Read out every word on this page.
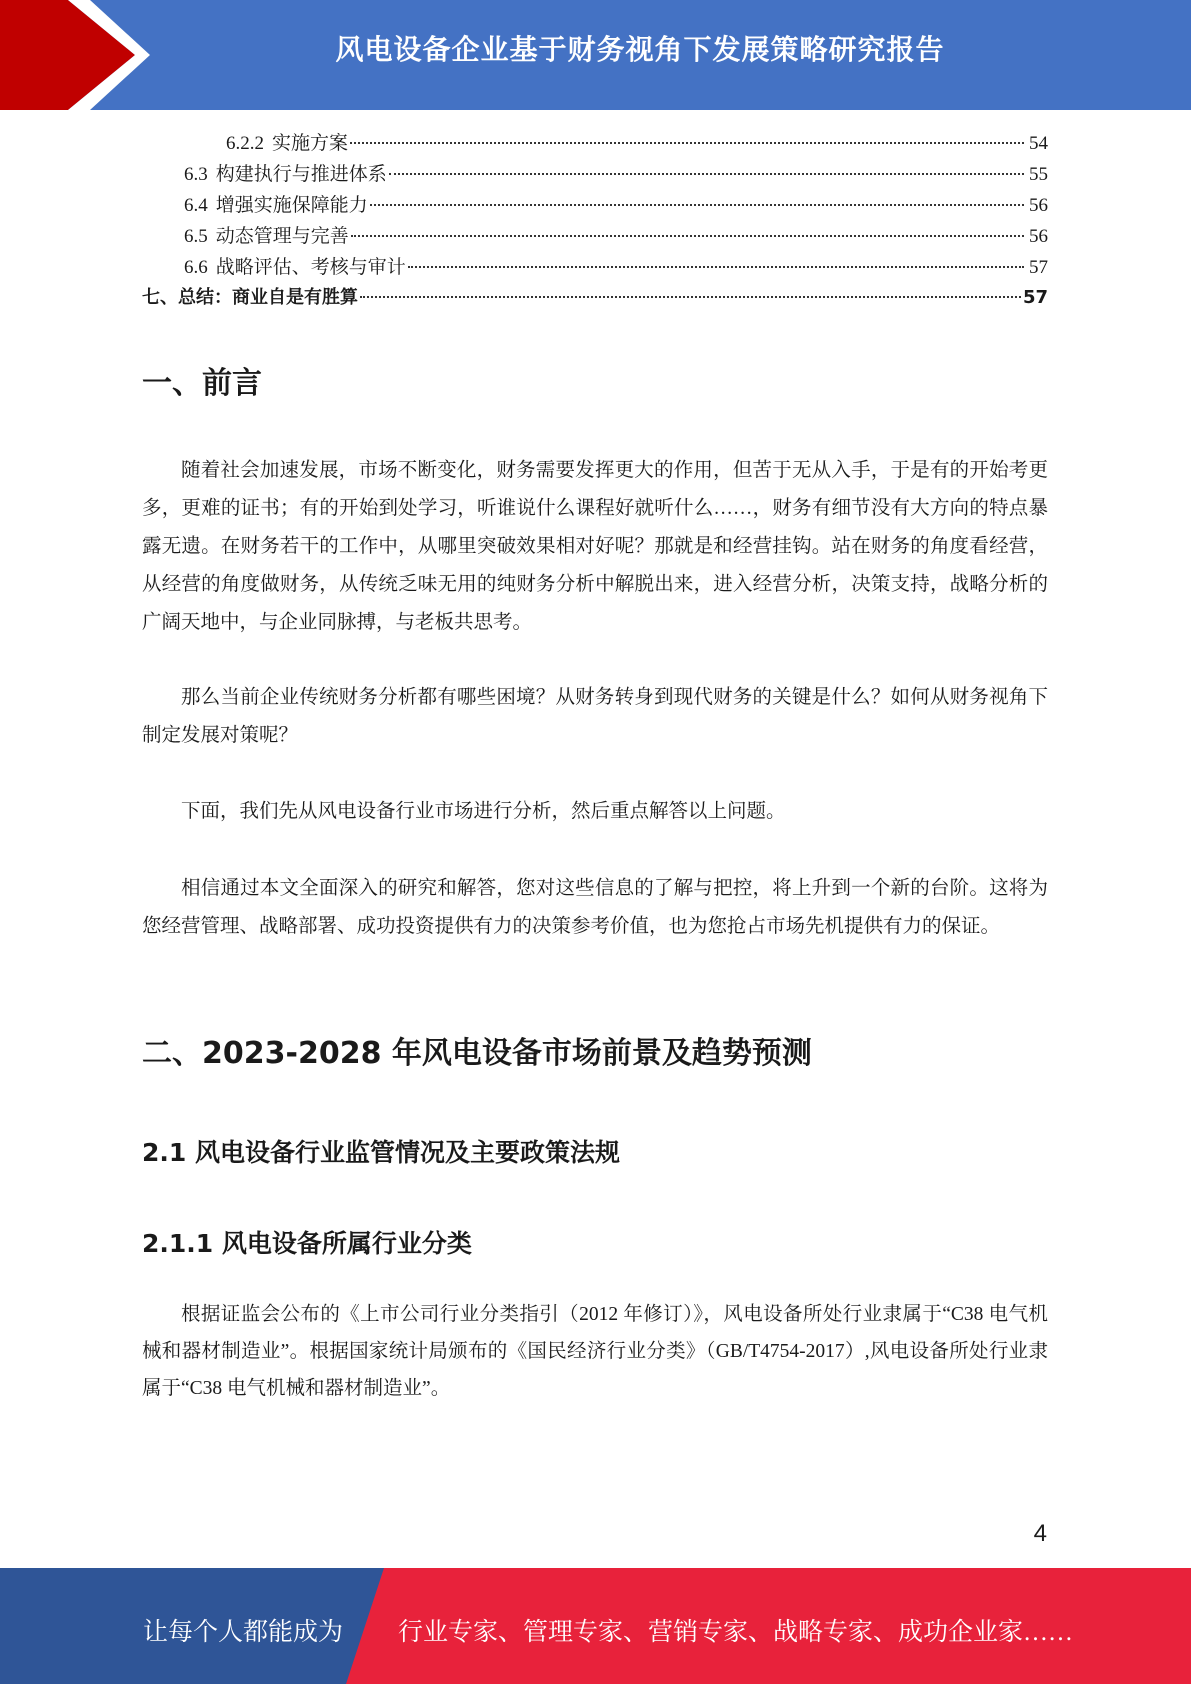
风电设备企业基于财务视角下发展策略研究报告
6.2.2 实施方案	54
6.3 构建执行与推进体系	55
6.4 增强实施保障能力	56
6.5 动态管理与完善	56
6.6 战略评估、考核与审计	57
七、总结：商业自是有胜算	57
一、前言
随着社会加速发展，市场不断变化，财务需要发挥更大的作用，但苦于无从入手，于是有的开始考更多，更难的证书；有的开始到处学习，听谁说什么课程好就听什么……，财务有细节没有大方向的特点暴露无遗。在财务若干的工作中，从哪里突破效果相对好呢？那就是和经营挂钩。站在财务的角度看经营，从经营的角度做财务，从传统乏味无用的纯财务分析中解脱出来，进入经营分析，决策支持，战略分析的广阔天地中，与企业同脉搏，与老板共思考。
那么当前企业传统财务分析都有哪些困境？从财务转身到现代财务的关键是什么？如何从财务视角下制定发展对策呢？
下面，我们先从风电设备行业市场进行分析，然后重点解答以上问题。
相信通过本文全面深入的研究和解答，您对这些信息的了解与把控，将上升到一个新的台阶。这将为您经营管理、战略部署、成功投资提供有力的决策参考价值，也为您抢占市场先机提供有力的保证。
二、2023-2028 年风电设备市场前景及趋势预测
2.1 风电设备行业监管情况及主要政策法规
2.1.1 风电设备所属行业分类
根据证监会公布的《上市公司行业分类指引（2012 年修订）》，风电设备所处行业隶属于“C38 电气机械和器材制造业”。根据国家统计局颁布的《国民经济行业分类》（GB/T4754-2017）,风电设备所处行业隶属于“C38 电气机械和器材制造业”。
4
让每个人都能成为 行业专家、管理专家、营销专家、战略专家、成功企业家……
